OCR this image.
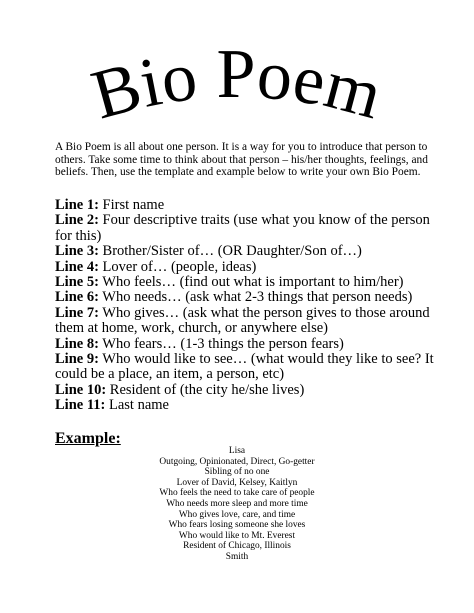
Bio Poem

A Bio Poem is all about one person. It is a way for you to introduce that person to others. Take some time to think about that person – his/her thoughts, feelings, and beliefs. Then, use the template and example below to write your own Bio Poem.

Line 1: First name
Line 2: Four descriptive traits (use what you know of the person for this)
Line 3: Brother/Sister of… (OR Daughter/Son of…)
Line 4: Lover of… (people, ideas)
Line 5: Who feels… (find out what is important to him/her)
Line 6: Who needs… (ask what 2-3 things that person needs)
Line 7: Who gives… (ask what the person gives to those around them at home, work, church, or anywhere else)
Line 8: Who fears… (1-3 things the person fears)
Line 9: Who would like to see… (what would they like to see? It could be a place, an item, a person, etc)
Line 10: Resident of (the city he/she lives)
Line 11: Last name

Example:

Lisa
Outgoing, Opinionated, Direct, Go-getter
Sibling of no one
Lover of David, Kelsey, Kaitlyn
Who feels the need to take care of people
Who needs more sleep and more time
Who gives love, care, and time
Who fears losing someone she loves
Who would like to Mt. Everest
Resident of Chicago, Illinois
Smith
